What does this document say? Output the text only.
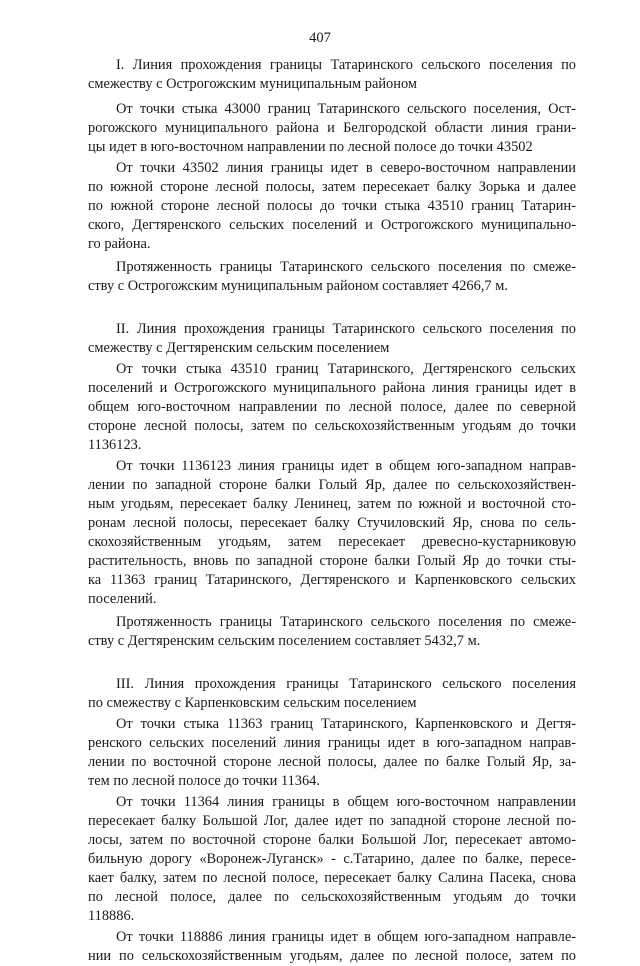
407
I. Линия прохождения границы Татаринского сельского поселения по
смежеству с Острогожским муниципальным районом
От точки стыка 43000 границ Татаринского сельского поселения, Ост-
рогожского муниципального района и Белгородской области линия грани-
цы идет в юго-восточном направлении по лесной полосе до точки 43502
От точки 43502 линия границы идет в северо-восточном направлении
по южной стороне лесной полосы, затем пересекает балку Зорька и далее
по южной стороне лесной полосы до точки стыка 43510 границ Татарин-
ского, Дегтяренского сельских поселений и Острогожского муниципально-
го района.
Протяженность границы Татаринского сельского поселения по смеже-
ству с Острогожским муниципальным районом составляет 4266,7 м.
II. Линия прохождения границы Татаринского сельского поселения по
смежеству с Дегтяренским сельским поселением
От точки стыка 43510 границ Татаринского, Дегтяренского сельских
поселений и Острогожского муниципального района линия границы идет в
общем юго-восточном направлении по лесной полосе, далее по северной
стороне лесной полосы, затем по сельскохозяйственным угодьям до точки
1136123.
От точки 1136123 линия границы идет в общем юго-западном направ-
лении по западной стороне балки Голый Яр, далее по сельскохозяйствен-
ным угодьям, пересекает балку Ленинец, затем по южной и восточной сто-
ронам лесной полосы, пересекает балку Стучиловский Яр, снова по сель-
скохозяйственным угодьям, затем пересекает древесно-кустарниковую
растительность, вновь по западной стороне балки Голый Яр до точки сты-
ка 11363 границ Татаринского, Дегтяренского и Карпенковского сельских
поселений.
Протяженность границы Татаринского сельского поселения по смеже-
ству с Дегтяренским сельским поселением составляет 5432,7 м.
III. Линия прохождения границы Татаринского сельского поселения
по смежеству с Карпенковским сельским поселением
От точки стыка 11363 границ Татаринского, Карпенковского и Дегтя-
ренского сельских поселений линия границы идет в юго-западном направ-
лении по восточной стороне лесной полосы, далее по балке Голый Яр, за-
тем по лесной полосе до точки 11364.
От точки 11364 линия границы в общем юго-восточном направлении
пересекает балку Большой Лог, далее идет по западной стороне лесной по-
лосы, затем по восточной стороне балки Большой Лог, пересекает автомо-
бильную дорогу «Воронеж-Луганск» - с.Татарино, далее по балке, пересе-
кает балку, затем по лесной полосе, пересекает балку Салина Пасека, снова
по лесной полосе, далее по сельскохозяйственным угодьям до точки
118886.
От точки 118886 линия границы идет в общем юго-западном направле-
нии по сельскохозяйственным угодьям, далее по лесной полосе, затем по
